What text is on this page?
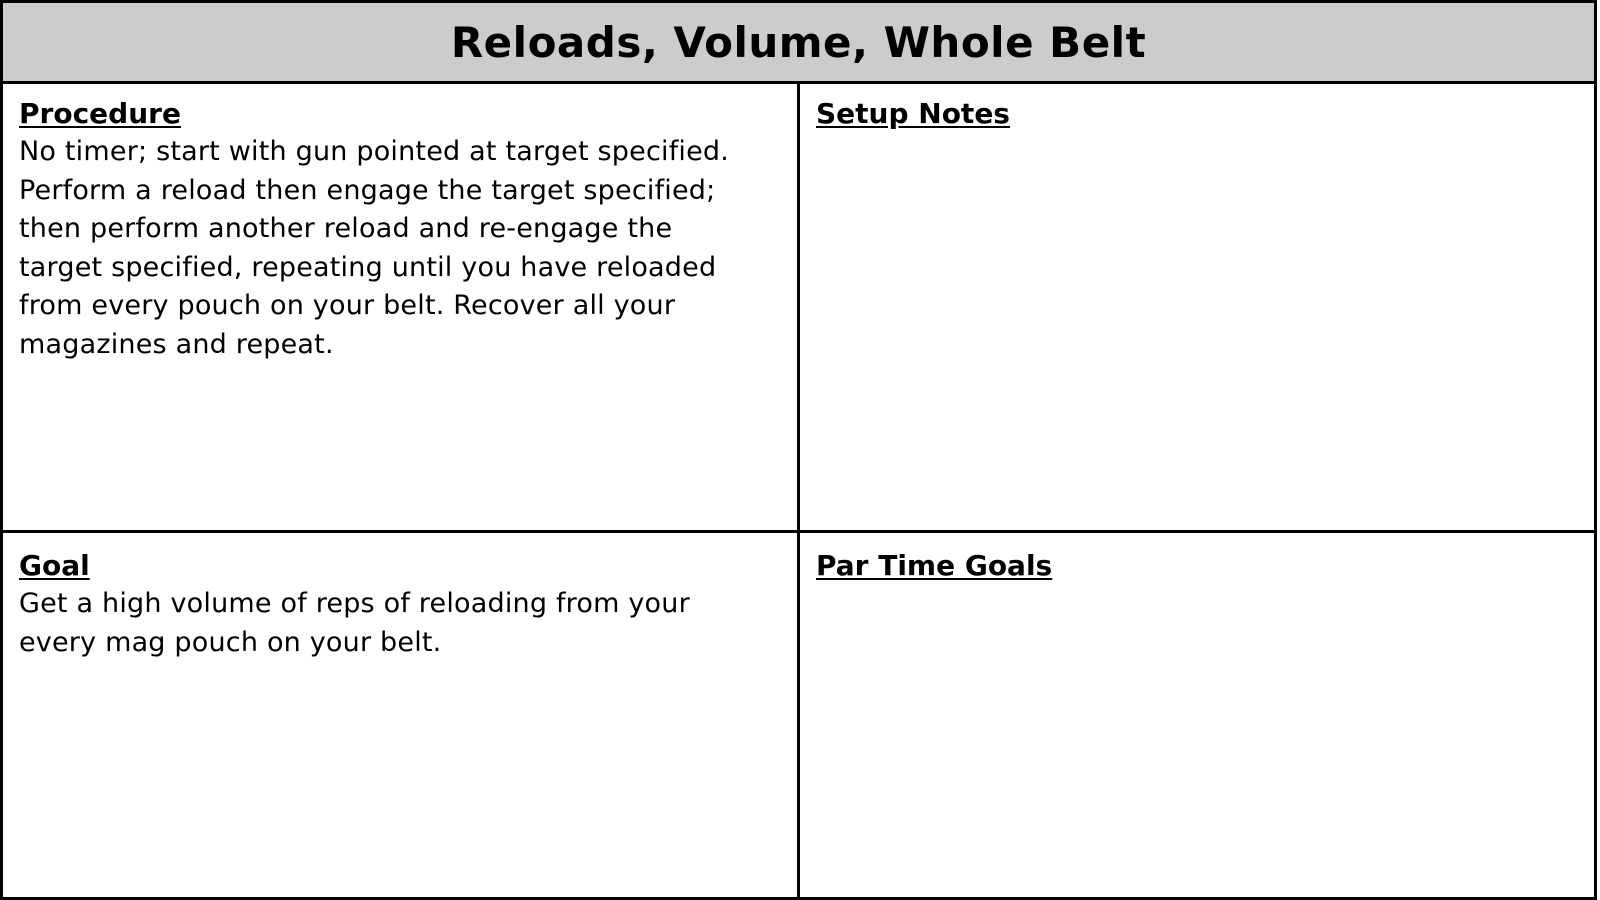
Reloads, Volume, Whole Belt
Procedure
No timer; start with gun pointed at target specified.
Perform a reload then engage the target specified;
then perform another reload and re-engage the
target specified, repeating until you have reloaded
from every pouch on your belt. Recover all your
magazines and repeat.
Setup Notes
Goal
Get a high volume of reps of reloading from your
every mag pouch on your belt.
Par Time Goals
